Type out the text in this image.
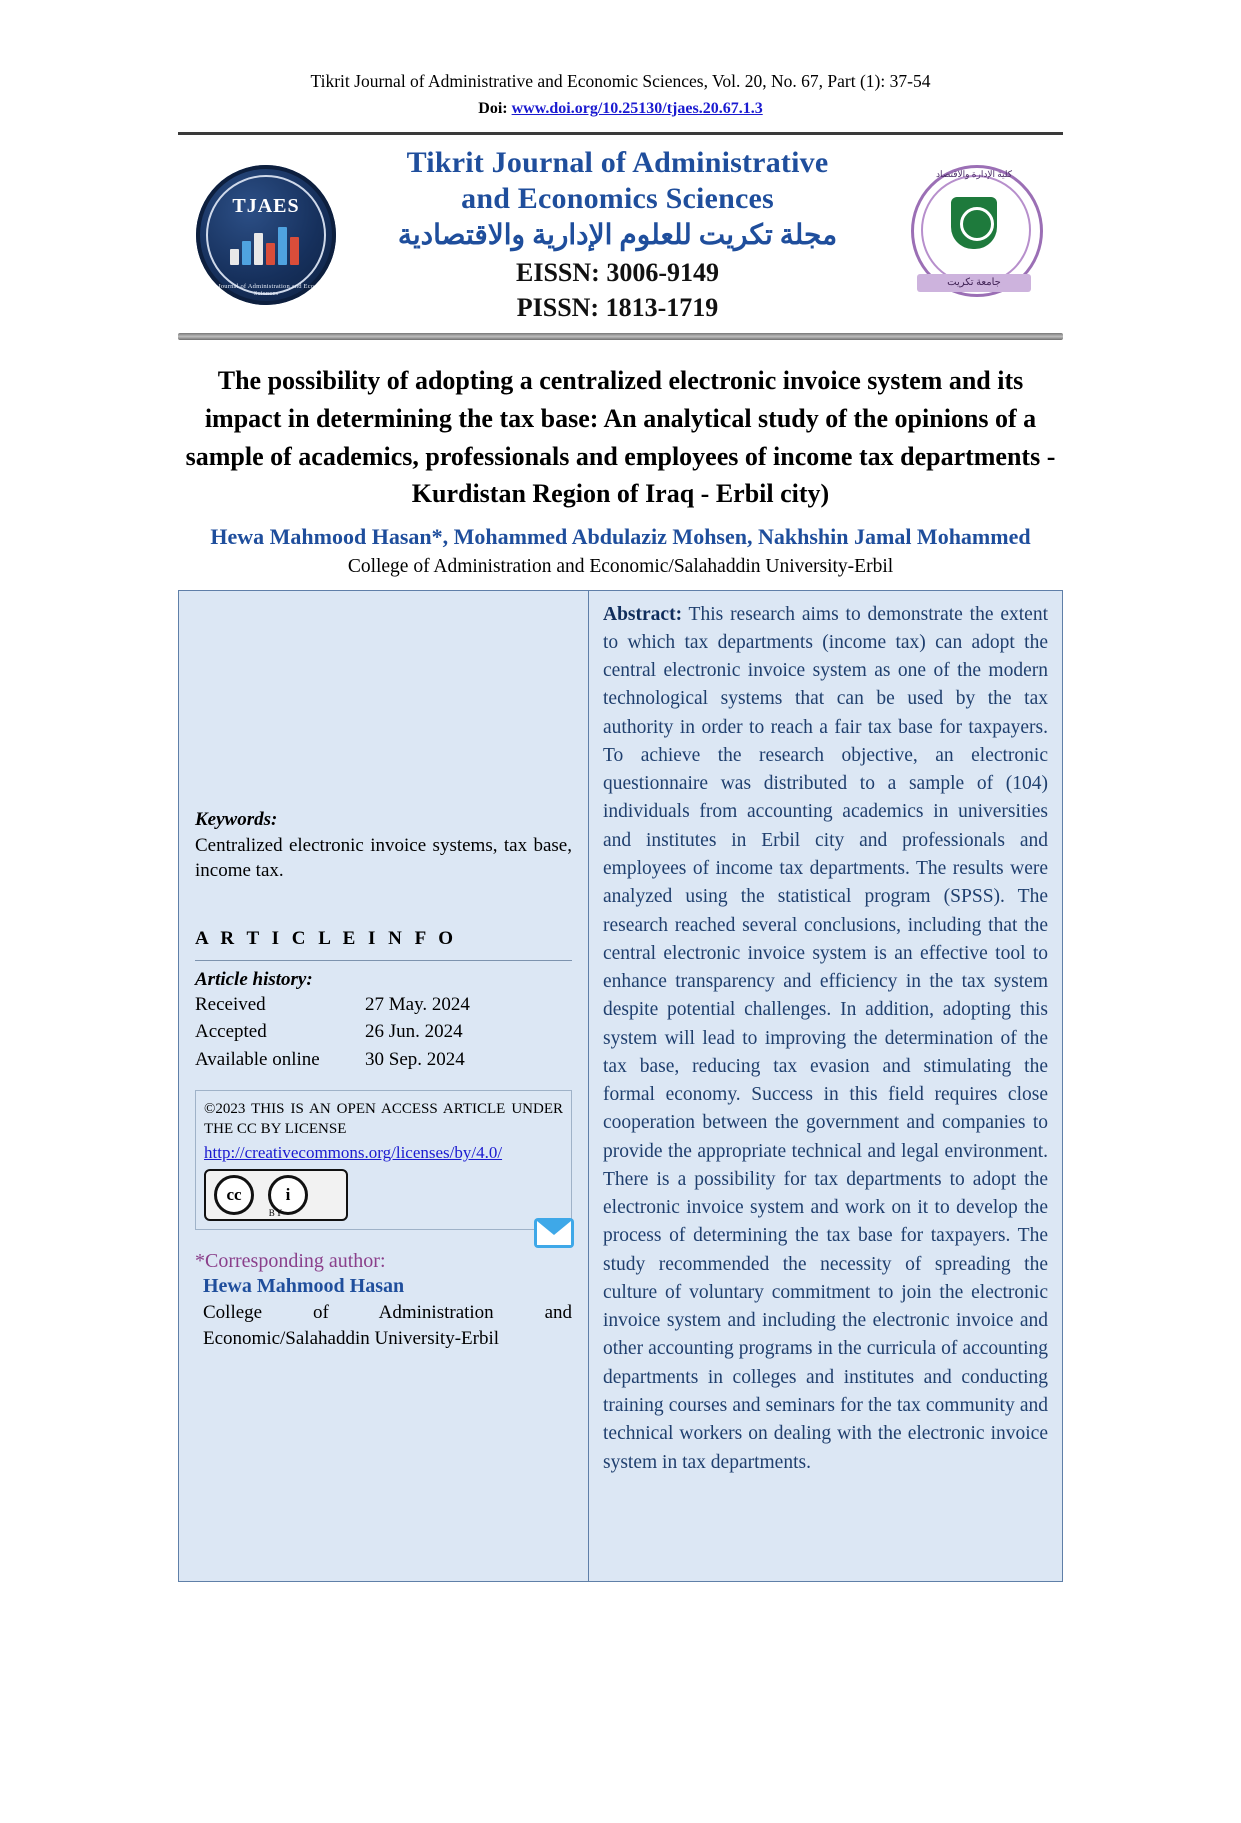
Tikrit Journal of Administrative and Economic Sciences, Vol. 20, No. 67, Part (1): 37-54
Doi: www.doi.org/10.25130/tjaes.20.67.1.3
TJAES
Tikrit Journal of Administration and Economic Sciences
Tikrit Journal of Administrative
and Economics Sciences
مجلة تكريت للعلوم الإدارية والاقتصادية
EISSN: 3006-9149
PISSN: 1813-1719
كلية الإدارة والاقتصاد
جامعة تكريت
The possibility of adopting a centralized electronic invoice system and its impact in determining the tax base: An analytical study of the opinions of a sample of academics, professionals and employees of income tax departments - Kurdistan Region of Iraq - Erbil city)
Hewa Mahmood Hasan*, Mohammed Abdulaziz Mohsen, Nakhshin Jamal Mohammed
College of Administration and Economic/Salahaddin University-Erbil
Keywords:
Centralized electronic invoice systems, tax base, income tax.
A R T I C L E I N F O
Article history:
Received	27 May. 2024
Accepted	26 Jun. 2024
Available online	30 Sep. 2024
©2023 THIS IS AN OPEN ACCESS ARTICLE UNDER THE CC BY LICENSE
http://creativecommons.org/licenses/by/4.0/
cc	i
BY
*Corresponding author:
Hewa Mahmood Hasan
College of Administration and Economic/Salahaddin University-Erbil
Abstract: This research aims to demonstrate the extent to which tax departments (income tax) can adopt the central electronic invoice system as one of the modern technological systems that can be used by the tax authority in order to reach a fair tax base for taxpayers. To achieve the research objective, an electronic questionnaire was distributed to a sample of (104) individuals from accounting academics in universities and institutes in Erbil city and professionals and employees of income tax departments. The results were analyzed using the statistical program (SPSS). The research reached several conclusions, including that the central electronic invoice system is an effective tool to enhance transparency and efficiency in the tax system despite potential challenges. In addition, adopting this system will lead to improving the determination of the tax base, reducing tax evasion and stimulating the formal economy. Success in this field requires close cooperation between the government and companies to provide the appropriate technical and legal environment. There is a possibility for tax departments to adopt the electronic invoice system and work on it to develop the process of determining the tax base for taxpayers. The study recommended the necessity of spreading the culture of voluntary commitment to join the electronic invoice system and including the electronic invoice and other accounting programs in the curricula of accounting departments in colleges and institutes and conducting training courses and seminars for the tax community and technical workers on dealing with the electronic invoice system in tax departments.
